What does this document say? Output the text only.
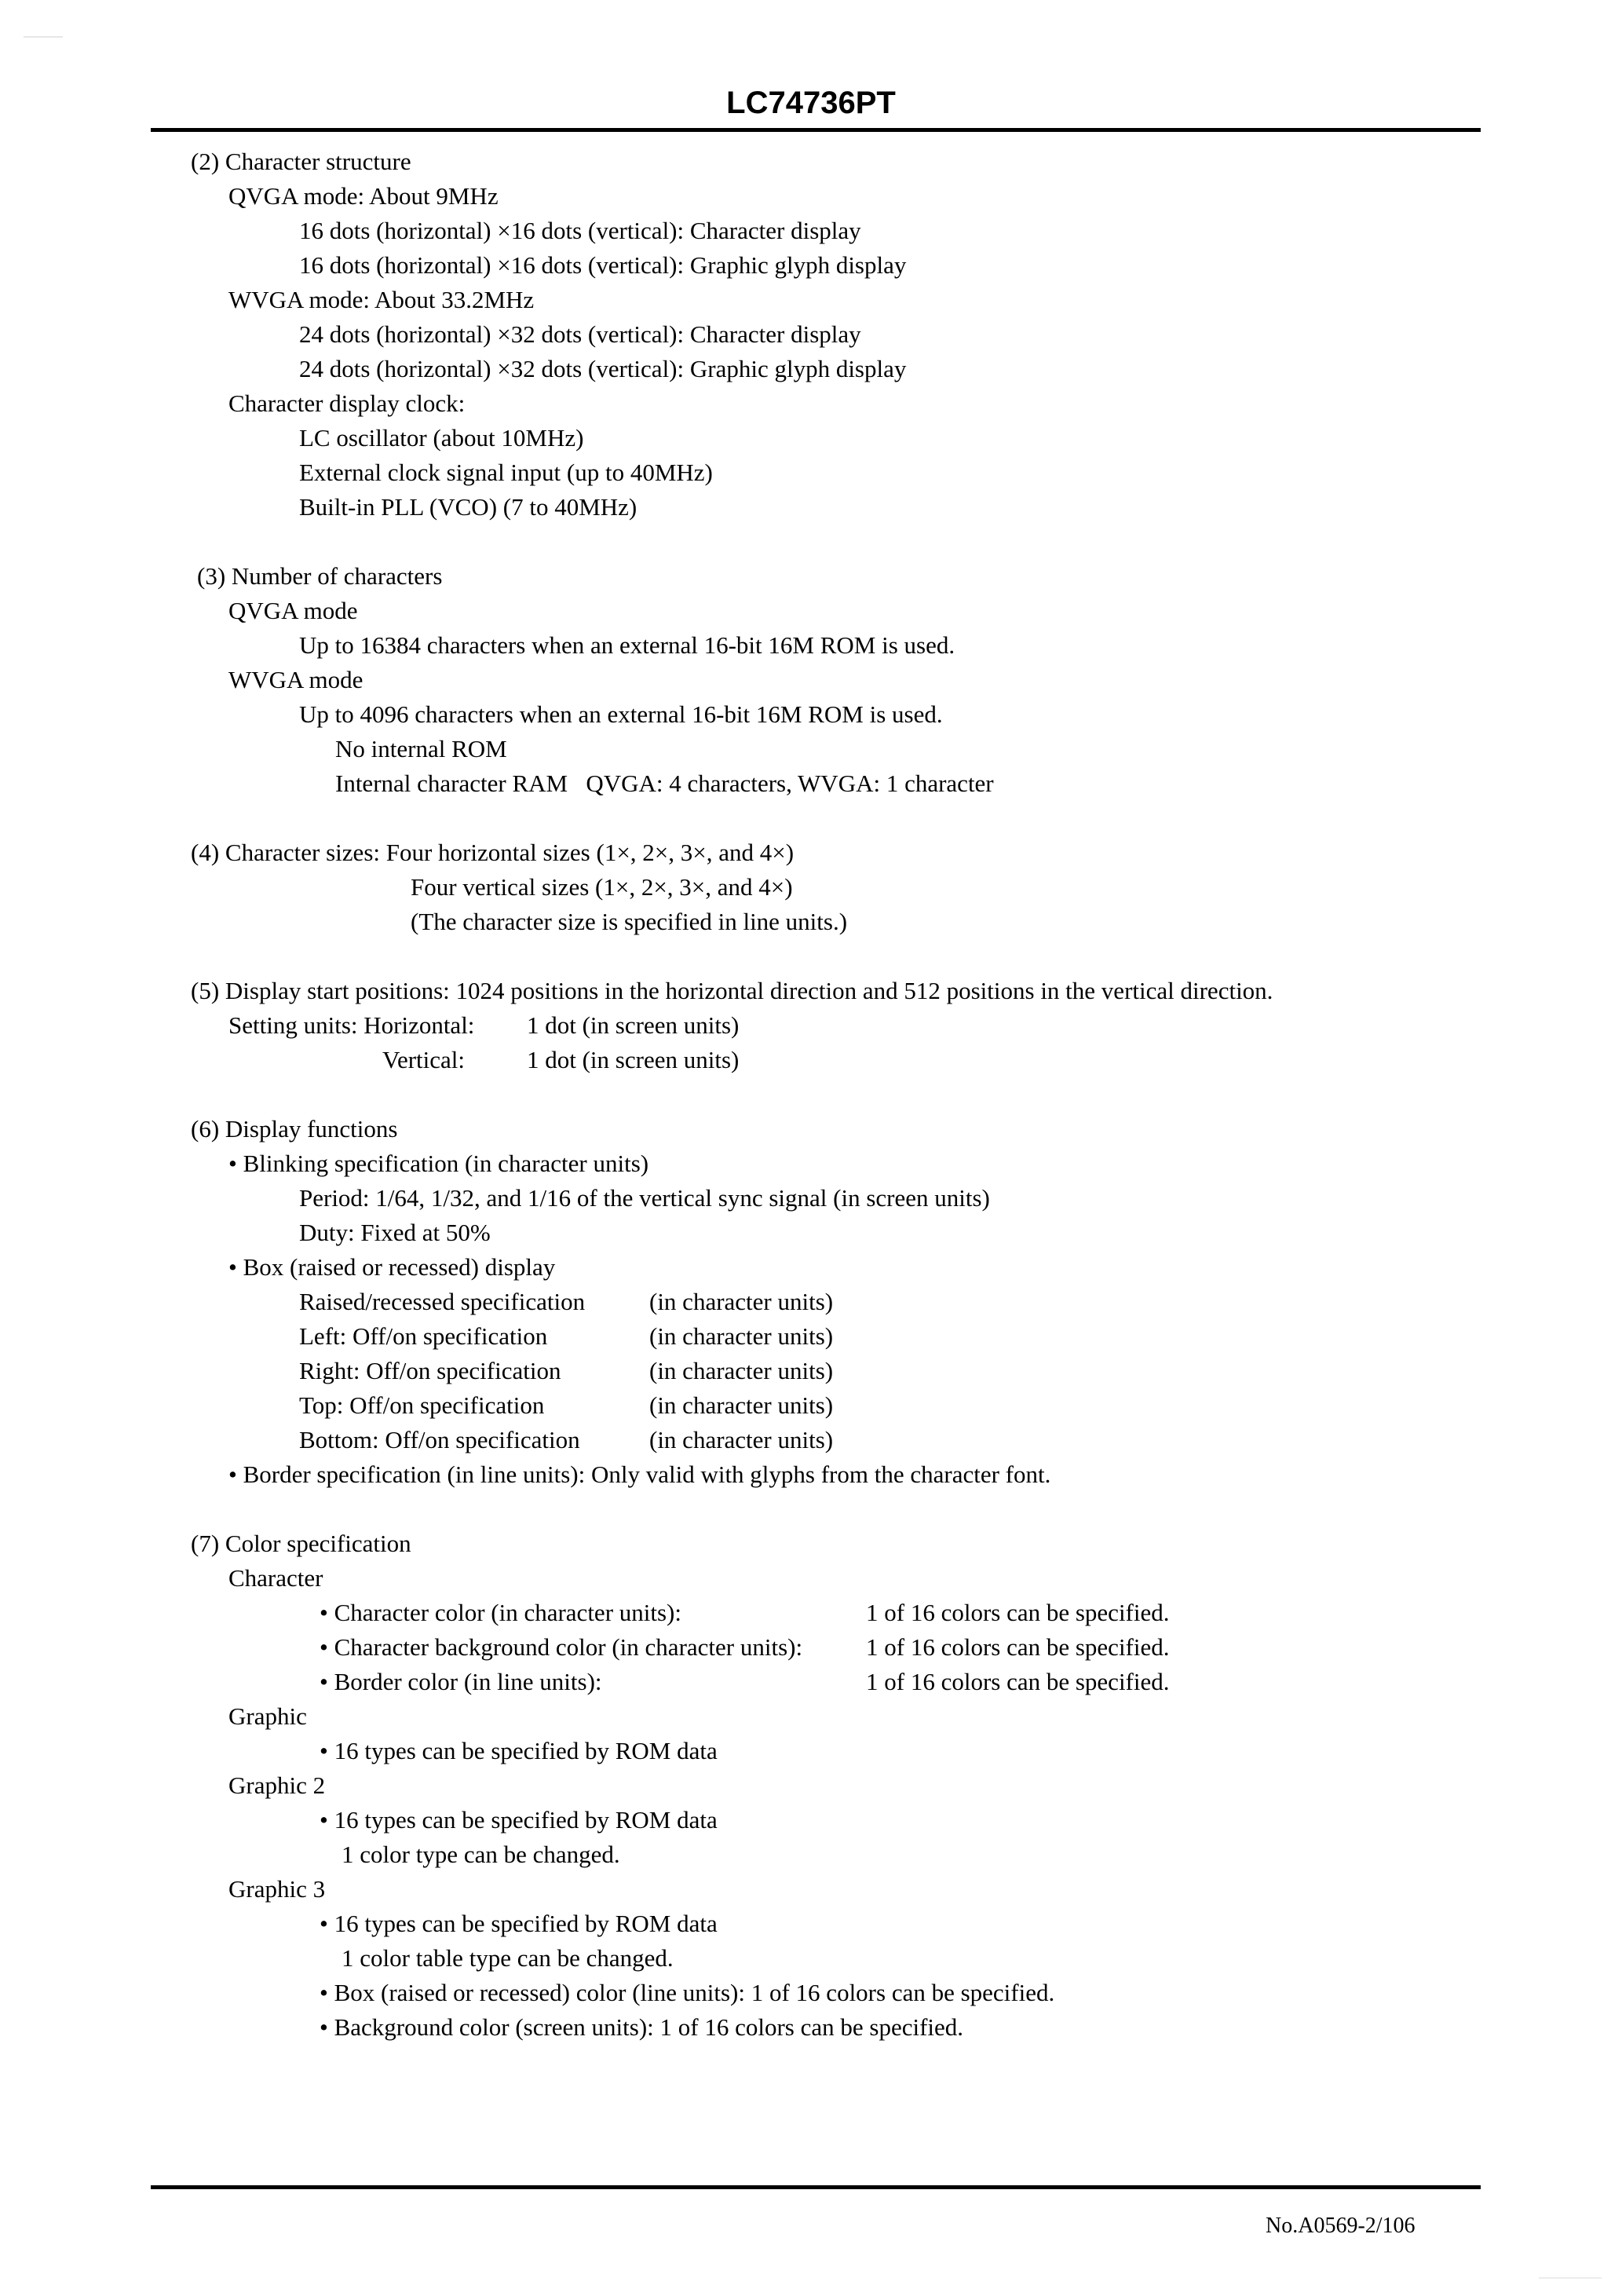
LC74736PT
(2) Character structure
QVGA mode: About 9MHz
16 dots (horizontal) ×16 dots (vertical): Character display
16 dots (horizontal) ×16 dots (vertical): Graphic glyph display
WVGA mode: About 33.2MHz
24 dots (horizontal) ×32 dots (vertical): Character display
24 dots (horizontal) ×32 dots (vertical): Graphic glyph display
Character display clock:
LC oscillator (about 10MHz)
External clock signal input (up to 40MHz)
Built-in PLL (VCO) (7 to 40MHz)
(3) Number of characters
QVGA mode
Up to 16384 characters when an external 16-bit 16M ROM is used.
WVGA mode
Up to 4096 characters when an external 16-bit 16M ROM is used.
No internal ROM
Internal character RAM   QVGA: 4 characters, WVGA: 1 character
(4) Character sizes: Four horizontal sizes (1×, 2×, 3×, and 4×)
Four vertical sizes (1×, 2×, 3×, and 4×)
(The character size is specified in line units.)
(5) Display start positions: 1024 positions in the horizontal direction and 512 positions in the vertical direction.
Setting units: Horizontal: 1 dot (in screen units)
Vertical:	1 dot (in screen units)
(6) Display functions
• Blinking specification (in character units)
Period: 1/64, 1/32, and 1/16 of the vertical sync signal (in screen units)
Duty: Fixed at 50%
• Box (raised or recessed) display
Raised/recessed specification	(in character units)
Left: Off/on specification	(in character units)
Right: Off/on specification	(in character units)
Top: Off/on specification	(in character units)
Bottom: Off/on specification	(in character units)
• Border specification (in line units): Only valid with glyphs from the character font.
(7) Color specification
Character
• Character color (in character units):	1 of 16 colors can be specified.
• Character background color (in character units):	1 of 16 colors can be specified.
• Border color (in line units):	1 of 16 colors can be specified.
Graphic
• 16 types can be specified by ROM data
Graphic 2
• 16 types can be specified by ROM data
1 color type can be changed.
Graphic 3
• 16 types can be specified by ROM data
1 color table type can be changed.
• Box (raised or recessed) color (line units): 1 of 16 colors can be specified.
• Background color (screen units): 1 of 16 colors can be specified.
No.A0569-2/106
